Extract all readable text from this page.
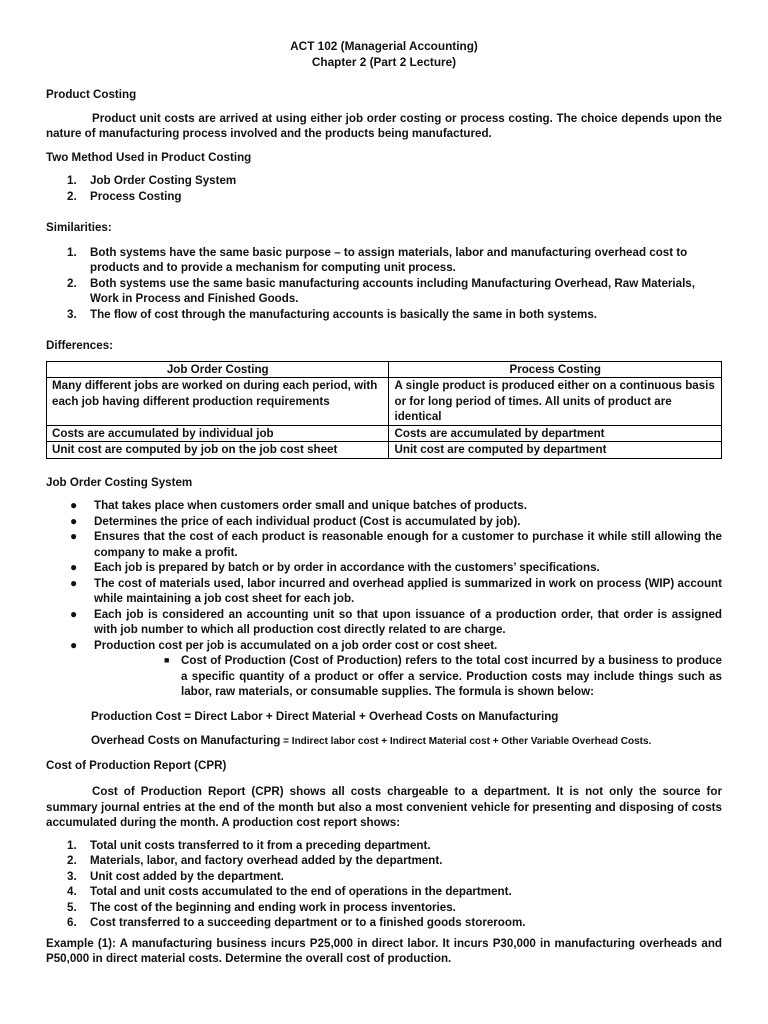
ACT 102 (Managerial Accounting)
Chapter 2 (Part 2 Lecture)

Product Costing

Product unit costs are arrived at using either job order costing or process costing. The choice depends upon the nature of manufacturing process involved and the products being manufactured.

Two Method Used in Product Costing

1. Job Order Costing System
2. Process Costing

Similarities:

1. Both systems have the same basic purpose – to assign materials, labor and manufacturing overhead cost to products and to provide a mechanism for computing unit process.
2. Both systems use the same basic manufacturing accounts including Manufacturing Overhead, Raw Materials, Work in Process and Finished Goods.
3. The flow of cost through the manufacturing accounts is basically the same in both systems.

Differences:

Job Order Costing	Process Costing
Many different jobs are worked on during each period, with each job having different production requirements	A single product is produced either on a continuous basis or for long period of times. All units of product are identical
Costs are accumulated by individual job	Costs are accumulated by department
Unit cost are computed by job on the job cost sheet	Unit cost are computed by department

Job Order Costing System

● That takes place when customers order small and unique batches of products.
● Determines the price of each individual product (Cost is accumulated by job).
● Ensures that the cost of each product is reasonable enough for a customer to purchase it while still allowing the company to make a profit.
● Each job is prepared by batch or by order in accordance with the customers’ specifications.
● The cost of materials used, labor incurred and overhead applied is summarized in work on process (WIP) account while maintaining a job cost sheet for each job.
● Each job is considered an accounting unit so that upon issuance of a production order, that order is assigned with job number to which all production cost directly related to are charge.
● Production cost per job is accumulated on a job order cost or cost sheet.
■ Cost of Production (Cost of Production) refers to the total cost incurred by a business to produce a specific quantity of a product or offer a service. Production costs may include things such as labor, raw materials, or consumable supplies. The formula is shown below:

Production Cost = Direct Labor + Direct Material + Overhead Costs on Manufacturing

Overhead Costs on Manufacturing = Indirect labor cost + Indirect Material cost + Other Variable Overhead Costs.

Cost of Production Report (CPR)

Cost of Production Report (CPR) shows all costs chargeable to a department. It is not only the source for summary journal entries at the end of the month but also a most convenient vehicle for presenting and disposing of costs accumulated during the month. A production cost report shows:

1. Total unit costs transferred to it from a preceding department.
2. Materials, labor, and factory overhead added by the department.
3. Unit cost added by the department.
4. Total and unit costs accumulated to the end of operations in the department.
5. The cost of the beginning and ending work in process inventories.
6. Cost transferred to a succeeding department or to a finished goods storeroom.

Example (1): A manufacturing business incurs P25,000 in direct labor. It incurs P30,000 in manufacturing overheads and P50,000 in direct material costs. Determine the overall cost of production.
